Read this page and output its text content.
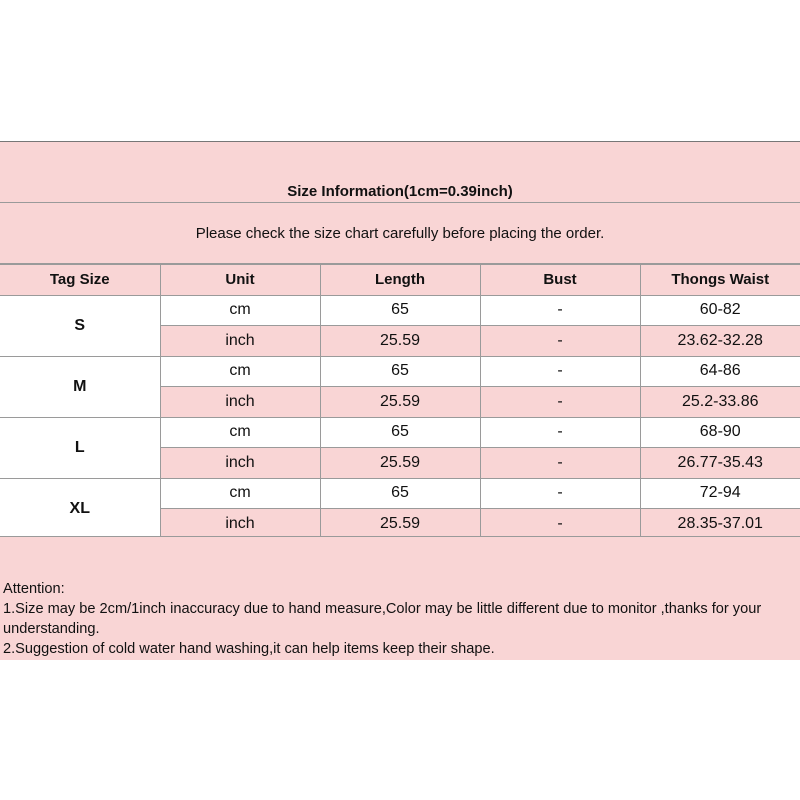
Size Information(1cm=0.39inch)
Please check the size chart carefully before placing the order.
Tag Size	Unit	Length	Bust	Thongs Waist
S	cm	65	-	60-82
	inch	25.59	-	23.62-32.28
M	cm	65	-	64-86
	inch	25.59	-	25.2-33.86
L	cm	65	-	68-90
	inch	25.59	-	26.77-35.43
XL	cm	65	-	72-94
	inch	25.59	-	28.35-37.01

Attention:

1.Size may be 2cm/1inch inaccuracy due to hand measure,Color may be little different due to monitor ,thanks for your understanding.

2.Suggestion of cold water hand washing,it can help items keep their shape.
